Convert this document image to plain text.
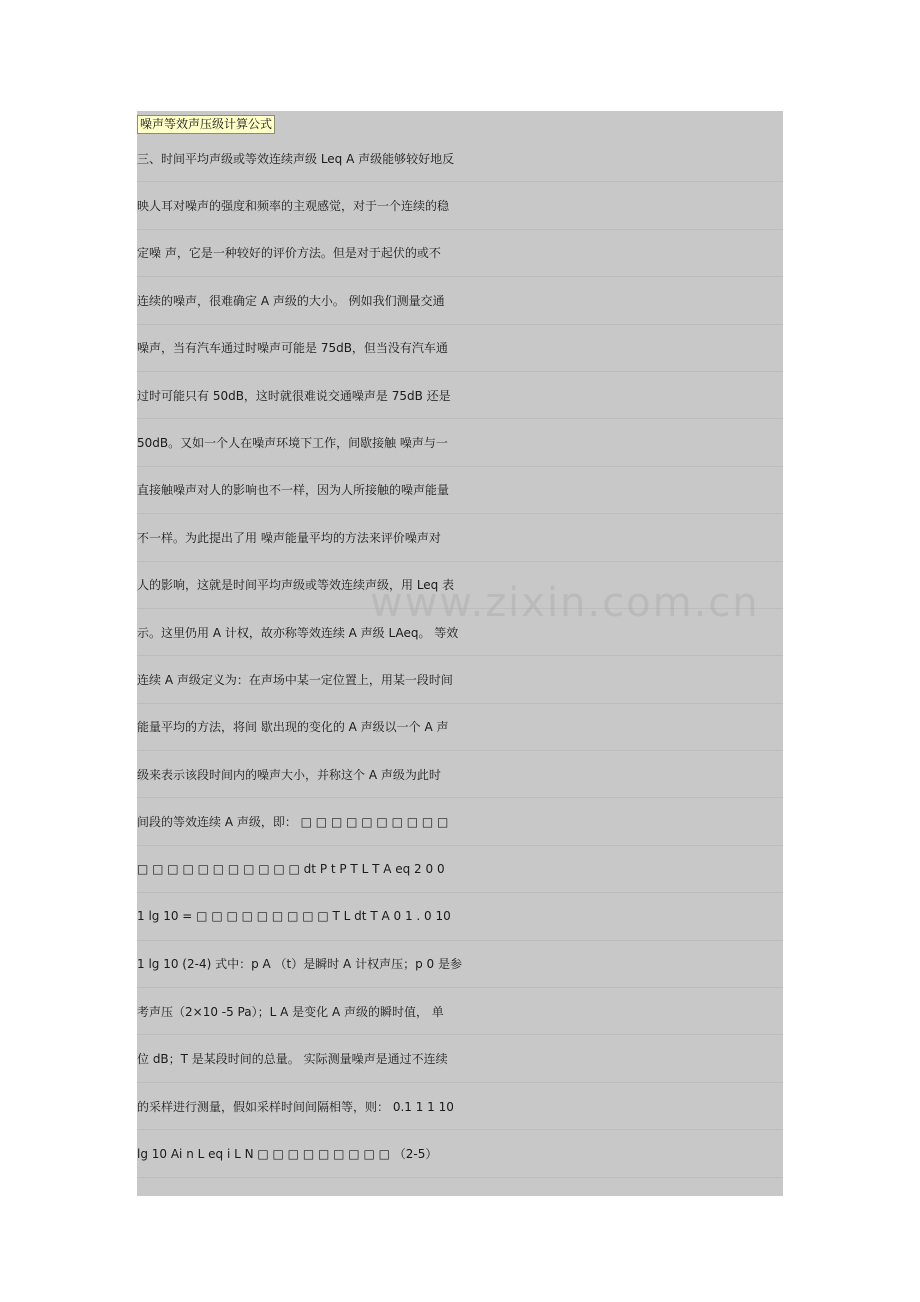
噪声等效声压级计算公式
三、时间平均声级或等效连续声级 Leq A 声级能够较好地反
映人耳对噪声的强度和频率的主观感觉，对于一个连续的稳
定噪 声，它是一种较好的评价方法。但是对于起伏的或不
连续的噪声，很难确定 A 声级的大小。 例如我们测量交通
噪声，当有汽车通过时噪声可能是 75dB，但当没有汽车通
过时可能只有 50dB，这时就很难说交通噪声是 75dB 还是
50dB。又如一个人在噪声环境下工作，间歇接触 噪声与一
直接触噪声对人的影响也不一样，因为人所接触的噪声能量
不一样。为此提出了用 噪声能量平均的方法来评价噪声对
人的影响，这就是时间平均声级或等效连续声级，用 Leq 表
示。这里仍用 A 计权，故亦称等效连续 A 声级 LAeq。 等效
连续 A 声级定义为：在声场中某一定位置上，用某一段时间
能量平均的方法，将间 歇出现的变化的 A 声级以一个 A 声
级来表示该段时间内的噪声大小，并称这个 A 声级为此时
间段的等效连续 A 声级，即： □ □ □ □ □ □ □ □ □ □
□ □ □ □ □ □ □ □ □ □ □ dt P t P T L T A eq 2 0 0
1 lg 10 = □ □ □ □ □ □ □ □ □ T L dt T A 0 1 . 0 10
1 lg 10 (2-4) 式中：p A （t）是瞬时 A 计权声压；p 0 是参
考声压（2×10 -5 Pa）；L A 是变化 A 声级的瞬时值， 单
位 dB；T 是某段时间的总量。 实际测量噪声是通过不连续
的采样进行测量，假如采样时间间隔相等，则： 0.1 1 1 10
lg 10 Ai n L eq i L N □ □ □ □ □ □ □ □ □ （2-5）
www.zixin.com.cn
